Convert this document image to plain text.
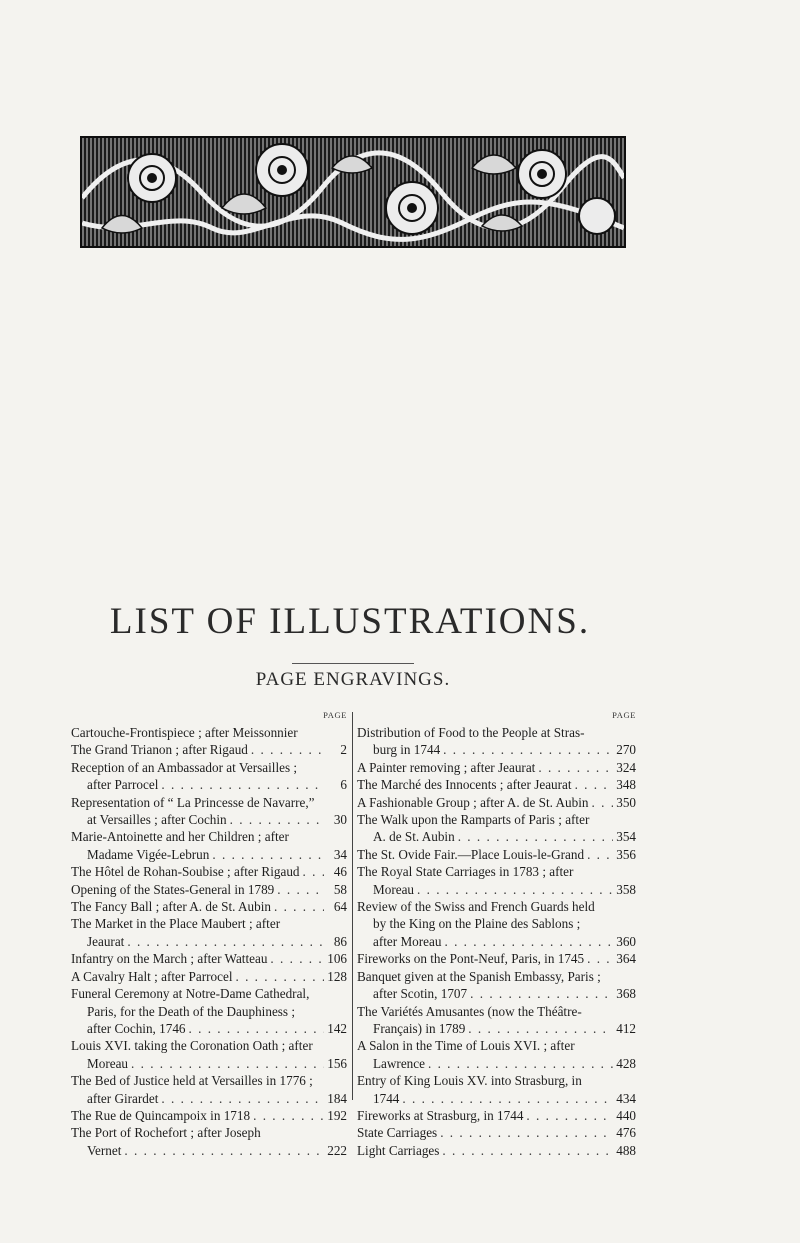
LIST OF ILLUSTRATIONS.
PAGE ENGRAVINGS.
PAGE
Cartouche-Frontispiece ; after Meissonnier
The Grand Trianon ; after Rigaud . . .	2
Reception of an Ambassador at Versailles ;
after Parrocel . . .	6
Representation of “ La Princesse de Navarre,”
at Versailles ; after Cochin . . .	30
Marie-Antoinette and her Children ; after
Madame Vigée-Lebrun . . .	34
The Hôtel de Rohan-Soubise ; after Rigaud . . .	46
Opening of the States-General in 1789 . . .	58
The Fancy Ball ; after A. de St. Aubin . . .	64
The Market in the Place Maubert ; after
Jeaurat . . .	86
Infantry on the March ; after Watteau . . .	106
A Cavalry Halt ; after Parrocel . . .	128
Funeral Ceremony at Notre-Dame Cathedral,
Paris, for the Death of the Dauphiness ;
after Cochin, 1746 . . .	142
Louis XVI. taking the Coronation Oath ; after
Moreau . . .	156
The Bed of Justice held at Versailles in 1776 ;
after Girardet . . .	184
The Rue de Quincampoix in 1718 . . .	192
The Port of Rochefort ; after Joseph
Vernet . . .	222
PAGE
Distribution of Food to the People at Stras-
burg in 1744 . . .	270
A Painter removing ; after Jeaurat . . .	324
The Marché des Innocents ; after Jeaurat . . .	348
A Fashionable Group ; after A. de St. Aubin . . . 350
The Walk upon the Ramparts of Paris ; after
A. de St. Aubin . . .	354
The St. Ovide Fair.—Place Louis-le-Grand . . . 356
The Royal State Carriages in 1783 ; after
Moreau . . .	358
Review of the Swiss and French Guards held
by the King on the Plaine des Sablons ;
after Moreau . . .	360
Fireworks on the Pont-Neuf, Paris, in 1745 . . . 364
Banquet given at the Spanish Embassy, Paris ;
after Scotin, 1707 . . .	368
The Variétés Amusantes (now the Théâtre-
Français) in 1789 . . .	412
A Salon in the Time of Louis XVI. ; after
Lawrence . . .	428
Entry of King Louis XV. into Strasburg, in
1744 . . .	434
Fireworks at Strasburg, in 1744 . . .	440
State Carriages . . .	476
Light Carriages . . .	488
